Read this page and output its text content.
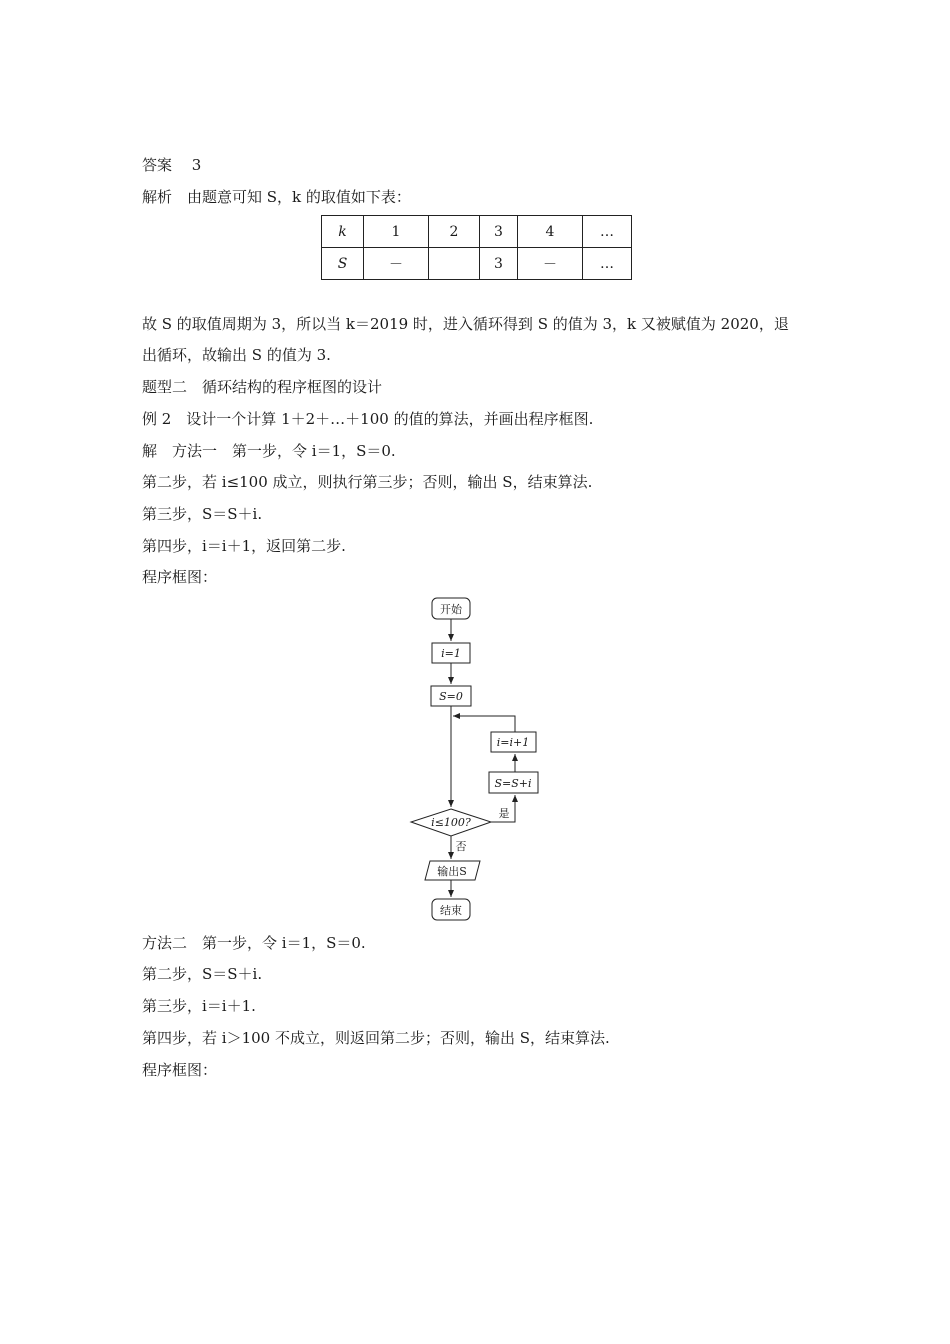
答案　 3
解析　由题意可知 S，k 的取值如下表：
k	1	2	3	4	…
S	－		3	－	…
故 S 的取值周期为 3，所以当 k＝2019 时，进入循环得到 S 的值为 3，k 又被赋值为 2020，退
出循环，故输出 S 的值为 3.
题型二　循环结构的程序框图的设计
例 2　设计一个计算 1＋2＋…＋100 的值的算法，并画出程序框图.
解　方法一　第一步，令 i＝1，S＝0.
第二步，若 i≤100 成立，则执行第三步；否则，输出 S，结束算法.
第三步，S＝S＋i.
第四步，i＝i＋1，返回第二步.
程序框图：
开始
i=1
S=0
i=i+1
S=S+i
i≤100?
是
否
输出S
结束
方法二　第一步，令 i＝1，S＝0.
第二步，S＝S＋i.
第三步，i＝i＋1.
第四步，若 i＞100 不成立，则返回第二步；否则，输出 S，结束算法.
程序框图：
